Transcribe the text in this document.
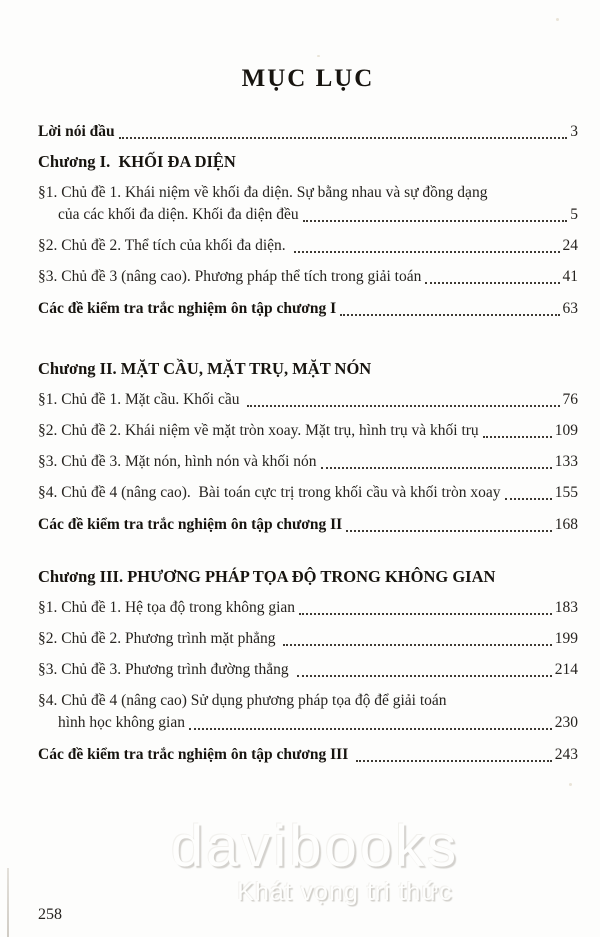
MỤC LỤC
Lời nói đầu	3
Chương I.  KHỐI ĐA DIỆN
§1. Chủ đề 1. Khái niệm về khối đa diện. Sự bằng nhau và sự đồng dạng
của các khối đa diện. Khối đa diện đều	5
§2. Chủ đề 2. Thể tích của khối đa diện.	24
§3. Chủ đề 3 (nâng cao). Phương pháp thể tích trong giải toán	41
Các đề kiểm tra trắc nghiệm ôn tập chương I	63
Chương II. MẶT CẦU, MẶT TRỤ, MẶT NÓN
§1. Chủ đề 1. Mặt cầu. Khối cầu	76
§2. Chủ đề 2. Khái niệm về mặt tròn xoay. Mặt trụ, hình trụ và khối trụ	109
§3. Chủ đề 3. Mặt nón, hình nón và khối nón	133
§4. Chủ đề 4 (nâng cao).  Bài toán cực trị trong khối cầu và khối tròn xoay	155
Các đề kiểm tra trắc nghiệm ôn tập chương II	168
Chương III. PHƯƠNG PHÁP TỌA ĐỘ TRONG KHÔNG GIAN
§1. Chủ đề 1. Hệ tọa độ trong không gian	183
§2. Chủ đề 2. Phương trình mặt phẳng	199
§3. Chủ đề 3. Phương trình đường thẳng	214
§4. Chủ đề 4 (nâng cao) Sử dụng phương pháp tọa độ để giải toán
hình học không gian	230
Các đề kiểm tra trắc nghiệm ôn tập chương III	243
davibooks
Khát vọng tri thức
258
